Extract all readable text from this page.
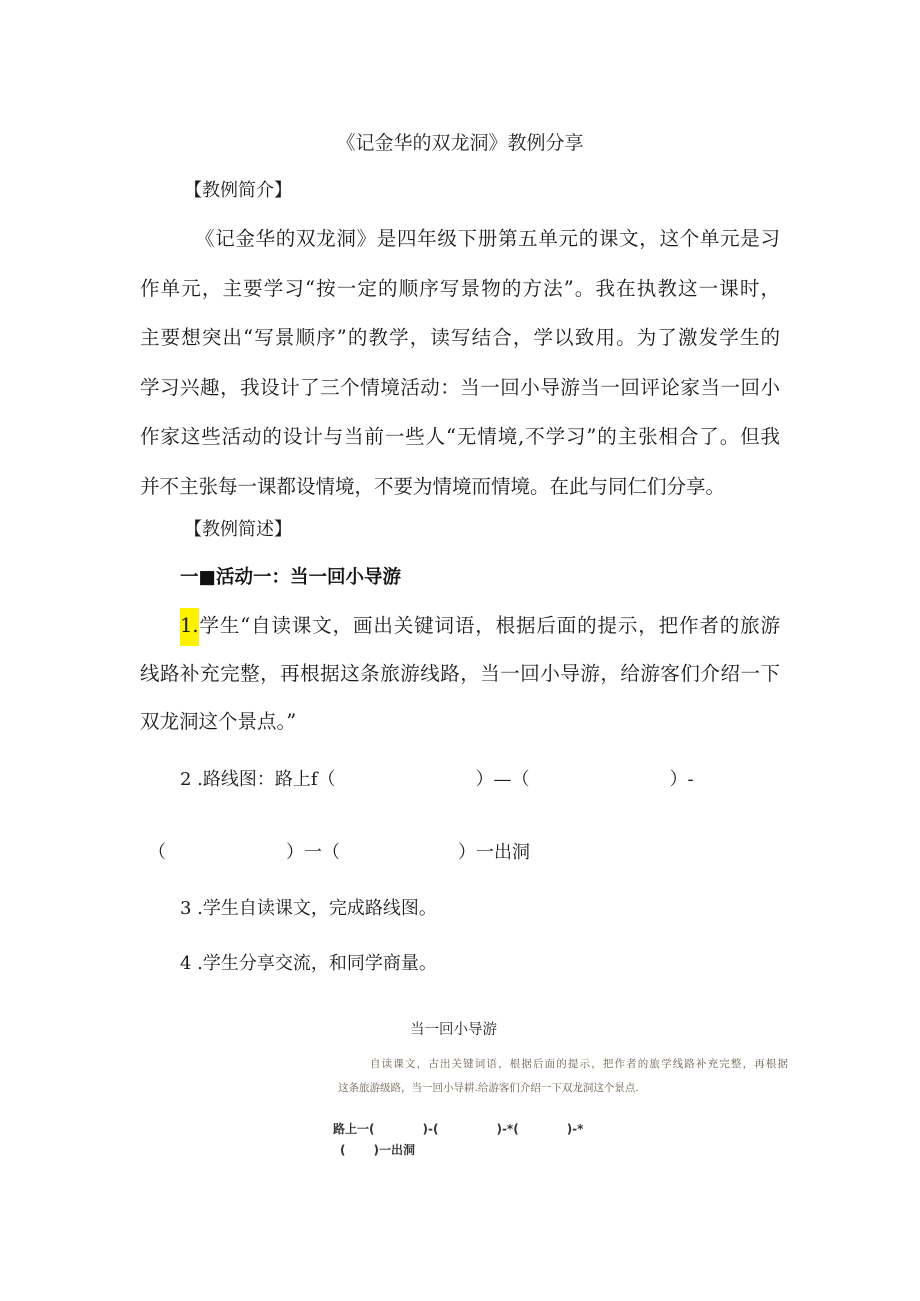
《记金华的双龙洞》教例分享
【教例简介】
《记金华的双龙洞》是四年级下册第五单元的课文，这个单元是习
作单元，主要学习“按一定的顺序写景物的方法”。我在执教这一课时，
主要想突出“写景顺序”的教学，读写结合，学以致用。为了激发学生的
学习兴趣，我设计了三个情境活动：当一回小导游当一回评论家当一回小
作家这些活动的设计与当前一些人“无情境,不学习”的主张相合了。但我
并不主张每一课都设情境，不要为情境而情境。在此与同仁们分享。
【教例简述】
一■活动一：当一回小导游
1.学生“自读课文，画出关键词语，根据后面的提示，把作者的旅游
线路补充完整，再根据这条旅游线路，当一回小导游，给游客们介绍一下
双龙洞这个景点。”
2 .路线图：路上f（	）—（	）-
（	）一（	）一出洞
3 .学生自读课文，完成路线图。
4 .学生分享交流，和同学商量。
当一回小导游
自读课文，古出关键词语，根据后面的提示，把作者的旅学线路补充完整，再根据
这条旅游级路，当一回小导耕.给游客们介绍一下双龙洞这个景点.
路上一(	)-(	)-*(	)-*
( )一出洞
